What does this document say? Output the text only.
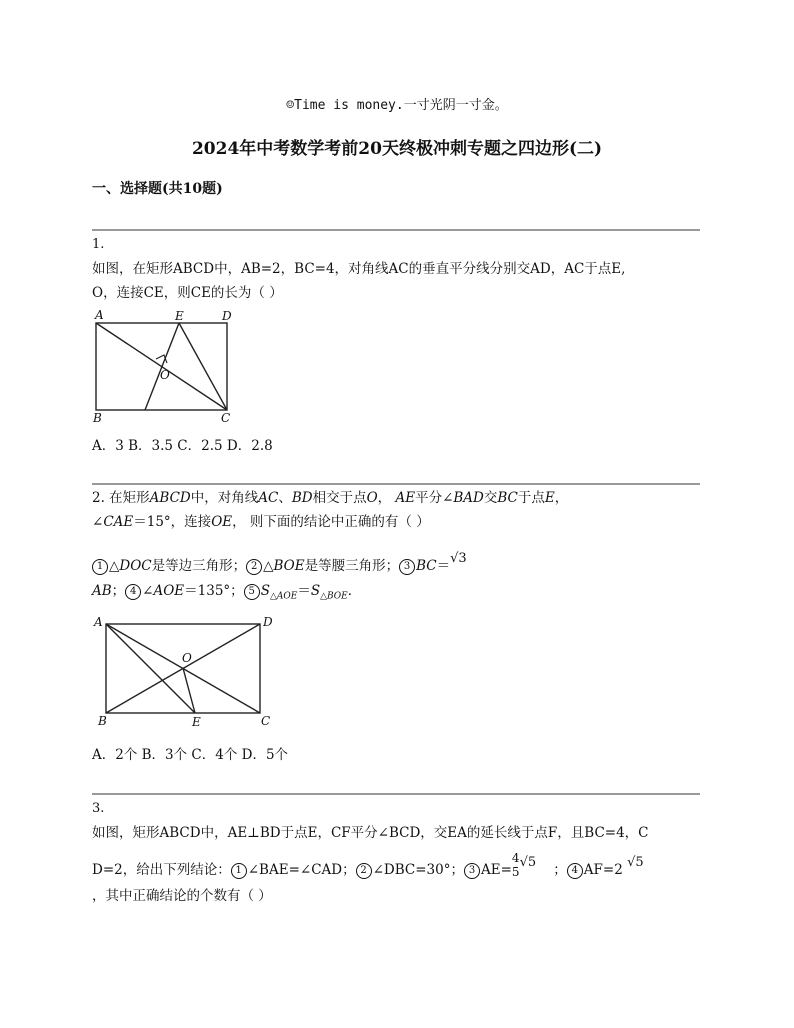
☺Time is money.一寸光阴一寸金。
2024年中考数学考前20天终极冲刺专题之四边形(二)
一、选择题(共10题)
1.
如图，在矩形ABCD中，AB=2，BC=4，对角线AC的垂直平分线分别交AD，AC于点E,
O，连接CE，则CE的长为（ ）
A	E	D
O
B	C
A．3 B．3.5 C．2.5 D．2.8
2. 在矩形ABCD中，对角线AC、BD相交于点O， AE平分∠BAD交BC于点E，
∠CAE＝15°，连接OE， 则下面的结论中正确的有（ ）
1 △DOC是等边三角形； 2 △BOE是等腰三角形； 3 BC＝√3
AB； 4 ∠AOE＝135°； 5 $S_{\triangle AOE}=S_{\triangle BOE}$．
A	D
O
B	E	C
A．2个 B．3个 C．4个 D．5个
3.
如图，矩形ABCD中，AE⊥BD于点E，CF平分∠BCD，交EA的延长线于点F，且BC=4，C
D=2，给出下列结论： 1 ∠BAE=∠CAD； 2 ∠DBC=30°； 3 AE=
4
5
√5 ； 4 AF=2 √5
，其中正确结论的个数有（ ）
